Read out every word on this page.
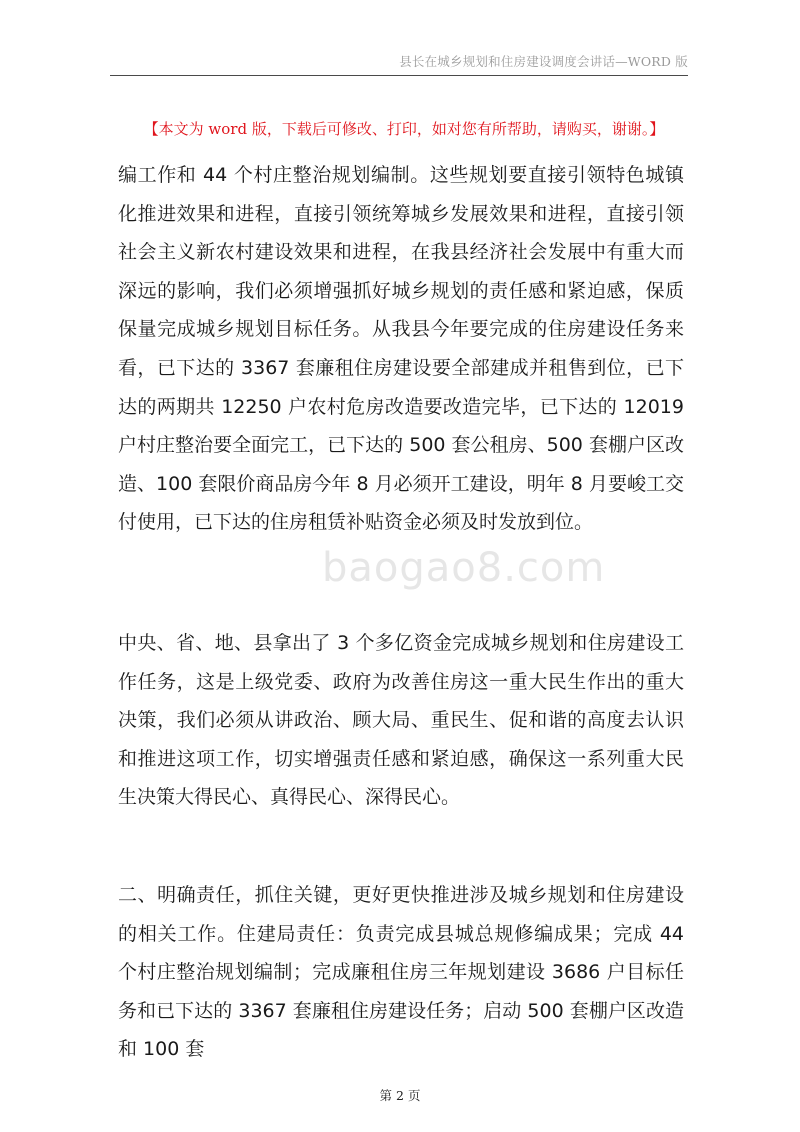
县长在城乡规划和住房建设调度会讲话—WORD 版
【本文为 word 版，下载后可修改、打印，如对您有所帮助，请购买，谢谢。】
baogao8.com
编工作和 44 个村庄整治规划编制。这些规划要直接引领特色城镇化推进效果和进程，直接引领统筹城乡发展效果和进程，直接引领社会主义新农村建设效果和进程，在我县经济社会发展中有重大而深远的影响，我们必须增强抓好城乡规划的责任感和紧迫感，保质保量完成城乡规划目标任务。从我县今年要完成的住房建设任务来看，已下达的 3367 套廉租住房建设要全部建成并租售到位，已下达的两期共 12250 户农村危房改造要改造完毕，已下达的 12019 户村庄整治要全面完工，已下达的 500 套公租房、500 套棚户区改造、100 套限价商品房今年 8 月必须开工建设，明年 8 月要峻工交付使用，已下达的住房租赁补贴资金必须及时发放到位。
中央、省、地、县拿出了 3 个多亿资金完成城乡规划和住房建设工作任务，这是上级党委、政府为改善住房这一重大民生作出的重大决策，我们必须从讲政治、顾大局、重民生、促和谐的高度去认识和推进这项工作，切实增强责任感和紧迫感，确保这一系列重大民生决策大得民心、真得民心、深得民心。
二、明确责任，抓住关键，更好更快推进涉及城乡规划和住房建设的相关工作。住建局责任：负责完成县城总规修编成果；完成 44 个村庄整治规划编制；完成廉租住房三年规划建设 3686 户目标任务和已下达的 3367 套廉租住房建设任务；启动 500 套棚户区改造和 100 套
第 2 页
